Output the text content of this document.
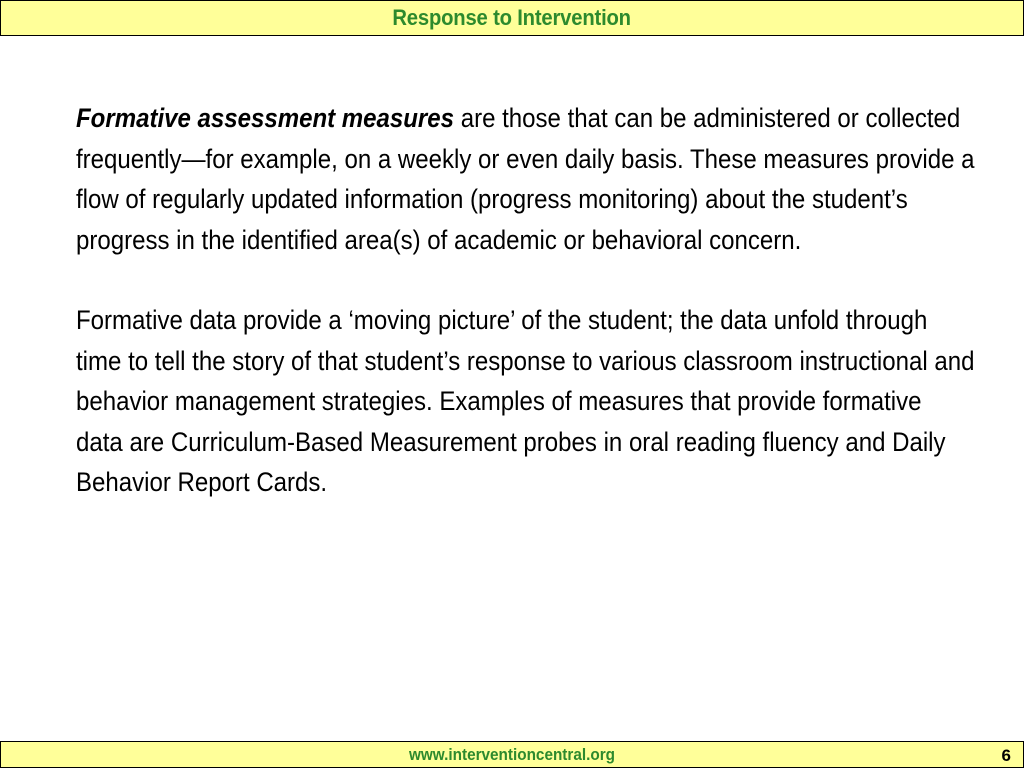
Response to Intervention

Formative assessment measures are those that can be administered or collected frequently—for example, on a weekly or even daily basis. These measures provide a flow of regularly updated information (progress monitoring) about the student’s progress in the identified area(s) of academic or behavioral concern.

Formative data provide a ‘moving picture’ of the student; the data unfold through time to tell the story of that student’s response to various classroom instructional and behavior management strategies. Examples of measures that provide formative data are Curriculum-Based Measurement probes in oral reading fluency and Daily Behavior Report Cards.

www.interventioncentral.org	6
